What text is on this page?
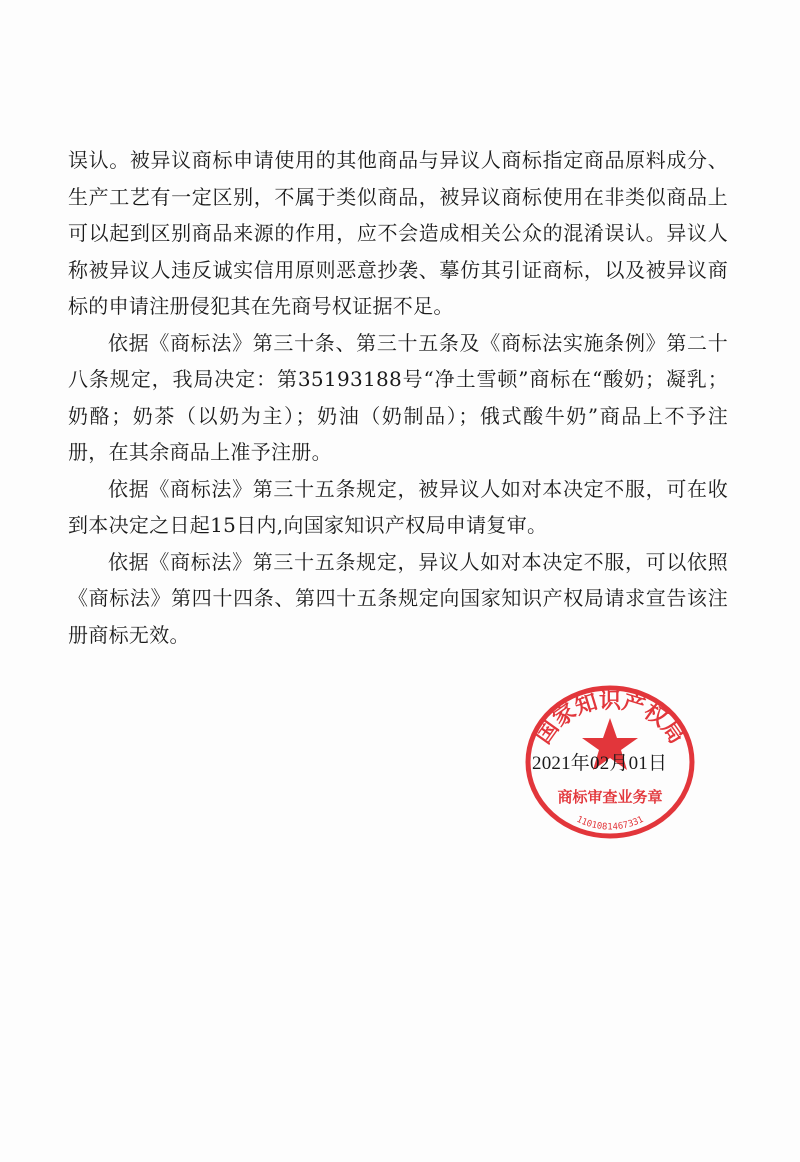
误认。被异议商标申请使用的其他商品与异议人商标指定商品原料成分、生产工艺有一定区别，不属于类似商品，被异议商标使用在非类似商品上可以起到区别商品来源的作用，应不会造成相关公众的混淆误认。异议人称被异议人违反诚实信用原则恶意抄袭、摹仿其引证商标，以及被异议商标的申请注册侵犯其在先商号权证据不足。

依据《商标法》第三十条、第三十五条及《商标法实施条例》第二十八条规定，我局决定：第35193188号“净土雪顿”商标在“酸奶；凝乳；奶酪；奶茶（以奶为主）；奶油（奶制品）；俄式酸牛奶”商品上不予注册，在其余商品上准予注册。

依据《商标法》第三十五条规定，被异议人如对本决定不服，可在收到本决定之日起15日内,向国家知识产权局申请复审。

依据《商标法》第三十五条规定，异议人如对本决定不服，可以依照《商标法》第四十四条、第四十五条规定向国家知识产权局请求宣告该注册商标无效。

国家知识产权局
商标审查业务章
1101081467331
2021年02月01日
